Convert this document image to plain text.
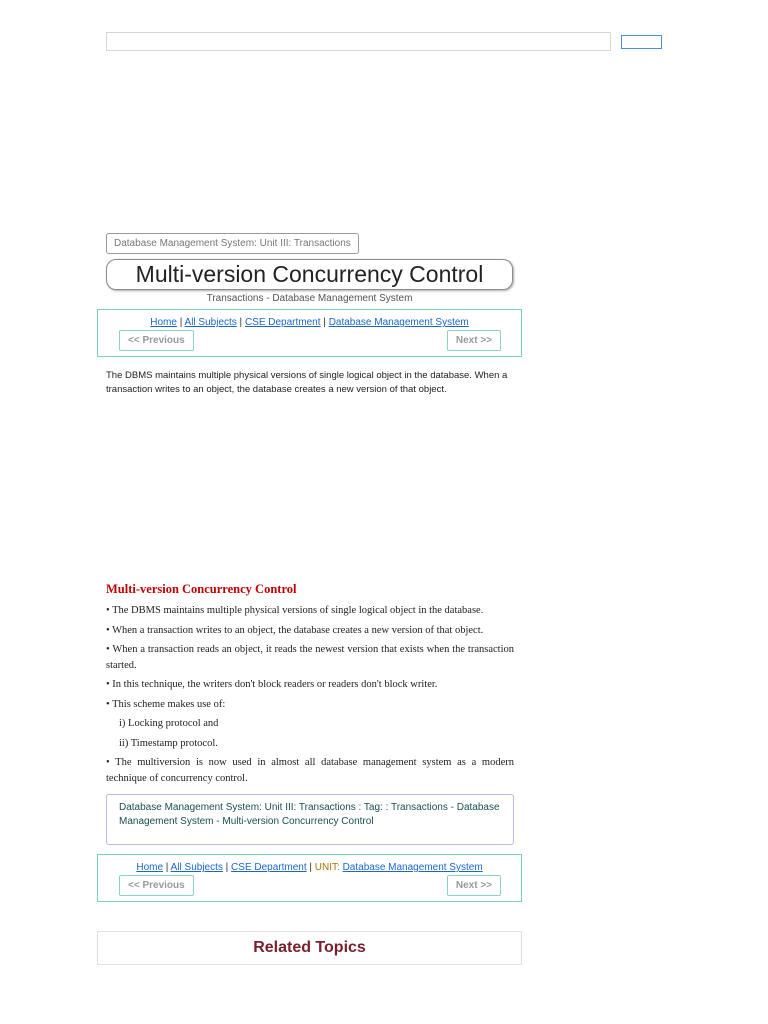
Database Management System: Unit III: Transactions
Multi-version Concurrency Control
Transactions - Database Management System
Home | All Subjects | CSE Department | Database Management System
<< Previous	Next >>
The DBMS maintains multiple physical versions of single logical object in the database. When a transaction writes to an object, the database creates a new version of that object.
Multi-version Concurrency Control

• The DBMS maintains multiple physical versions of single logical object in the database.

• When a transaction writes to an object, the database creates a new version of that object.

• When a transaction reads an object, it reads the newest version that exists when the transaction started.

• In this technique, the writers don't block readers or readers don't block writer.

• This scheme makes use of:

i) Locking protocol and

ii) Timestamp protocol.

• The multiversion is now used in almost all database management system as a modern technique of concurrency control.

Database Management System: Unit III: Transactions : Tag: : Transactions - Database Management System - Multi-version Concurrency Control
Home | All Subjects | CSE Department | UNIT: Database Management System
<< Previous	Next >>
Related Topics
